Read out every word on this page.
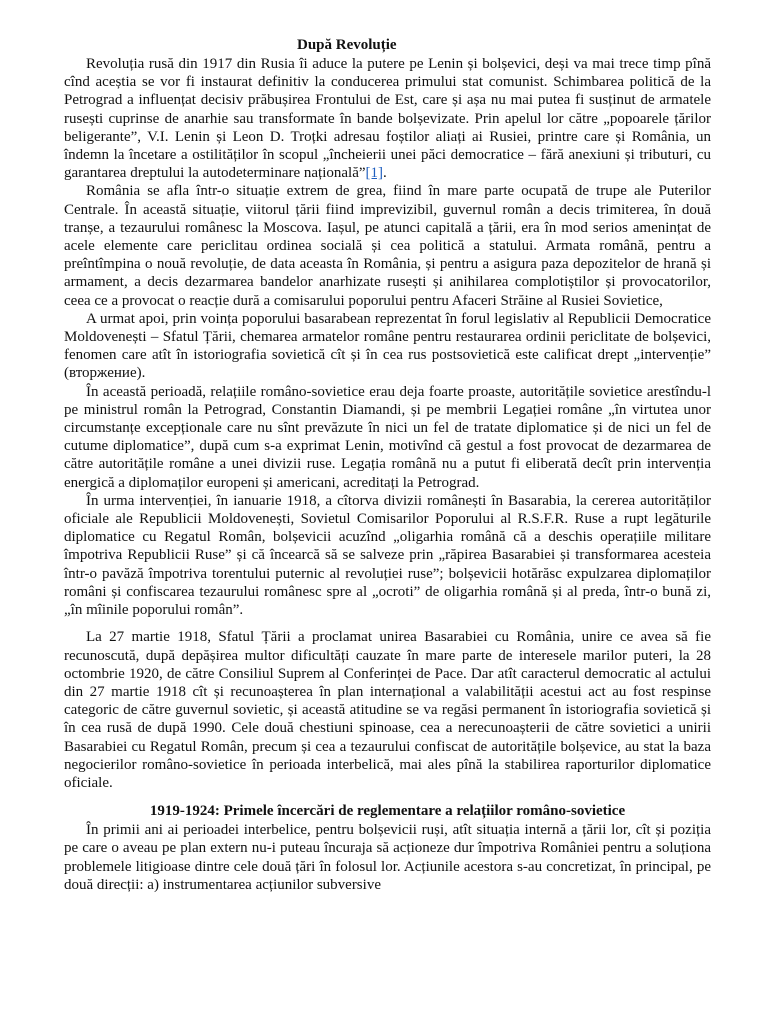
După Revoluție

Revoluția rusă din 1917 din Rusia îi aduce la putere pe Lenin și bolșevici, deși va mai trece timp pînă cînd aceștia se vor fi instaurat definitiv la conducerea primului stat comunist. Schimbarea politică de la Petrograd a influențat decisiv prăbușirea Frontului de Est, care și așa nu mai putea fi susținut de armatele rusești cuprinse de anarhie sau transformate în bande bolșevizate. Prin apelul lor către „popoarele țărilor beligerante”, V.I. Lenin și Leon D. Troțki adresau foștilor aliați ai Rusiei, printre care și România, un îndemn la încetare a ostilităților în scopul „încheierii unei păci democratice – fără anexiuni și tributuri, cu garantarea dreptului la autodeterminare națională”[1].

România se afla într-o situație extrem de grea, fiind în mare parte ocupată de trupe ale Puterilor Centrale. În această situație, viitorul țării fiind imprevizibil, guvernul român a decis trimiterea, în două tranșe, a tezaurului românesc la Moscova. Iașul, pe atunci capitală a țării, era în mod serios amenințat de acele elemente care periclitau ordinea socială și cea politică a statului. Armata română, pentru a preîntîmpina o nouă revoluție, de data aceasta în România, și pentru a asigura paza depozitelor de hrană și armament, a decis dezarmarea bandelor anarhizate rusești și anihilarea complotiștilor și provocatorilor, ceea ce a provocat o reacție dură a comisarului poporului pentru Afaceri Străine al Rusiei Sovietice,

A urmat apoi, prin voința poporului basarabean reprezentat în forul legislativ al Republicii Democratice Moldovenești – Sfatul Țării, chemarea armatelor române pentru restaurarea ordinii periclitate de bolșevici, fenomen care atît în istoriografia sovietică cît și în cea rus postsovietică este calificat drept „intervenție” (вторжение).

În această perioadă, relațiile româno-sovietice erau deja foarte proaste, autoritățile sovietice arestîndu-l pe ministrul român la Petrograd, Constantin Diamandi, și pe membrii Legației române „în virtutea unor circumstanțe excepționale care nu sînt prevăzute în nici un fel de tratate diplomatice și de nici un fel de cutume diplomatice”, după cum s-a exprimat Lenin, motivînd că gestul a fost provocat de dezarmarea de către autoritățile române a unei divizii ruse. Legația română nu a putut fi eliberată decît prin intervenția energică a diplomaților europeni și americani, acreditați la Petrograd.

În urma intervenției, în ianuarie 1918, a cîtorva divizii românești în Basarabia, la cererea autorităților oficiale ale Republicii Moldovenești, Sovietul Comisarilor Poporului al R.S.F.R. Ruse a rupt legăturile diplomatice cu Regatul Român, bolșevicii acuzînd „oligarhia română că a deschis operațiile militare împotriva Republicii Ruse” și că încearcă să se salveze prin „răpirea Basarabiei și transformarea acesteia într-o pavăză împotriva torentului puternic al revoluției ruse”; bolșevicii hotărăsc expulzarea diplomaților români și confiscarea tezaurului românesc spre al „ocroti” de oligarhia română și al preda, într-o bună zi, „în mîinile poporului român”.

La 27 martie 1918, Sfatul Țării a proclamat unirea Basarabiei cu România, unire ce avea să fie recunoscută, după depășirea multor dificultăți cauzate în mare parte de interesele marilor puteri, la 28 octombrie 1920, de către Consiliul Suprem al Conferinței de Pace. Dar atît caracterul democratic al actului din 27 martie 1918 cît și recunoașterea în plan internațional a valabilității acestui act au fost respinse categoric de către guvernul sovietic, și această atitudine se va regăsi permanent în istoriografia sovietică și în cea rusă de după 1990. Cele două chestiuni spinoase, cea a nerecunoașterii de către sovietici a unirii Basarabiei cu Regatul Român, precum și cea a tezaurului confiscat de autoritățile bolșevice, au stat la baza negocierilor româno-sovietice în perioada interbelică, mai ales pînă la stabilirea raporturilor diplomatice oficiale.

1919-1924: Primele încercări de reglementare a relațiilor româno-sovietice

În primii ani ai perioadei interbelice, pentru bolșevicii ruși, atît situația internă a țării lor, cît și poziția pe care o aveau pe plan extern nu-i puteau încuraja să acționeze dur împotriva României pentru a soluționa problemele litigioase dintre cele două țări în folosul lor. Acțiunile acestora s-au concretizat, în principal, pe două direcții: a) instrumentarea acțiunilor subversive
